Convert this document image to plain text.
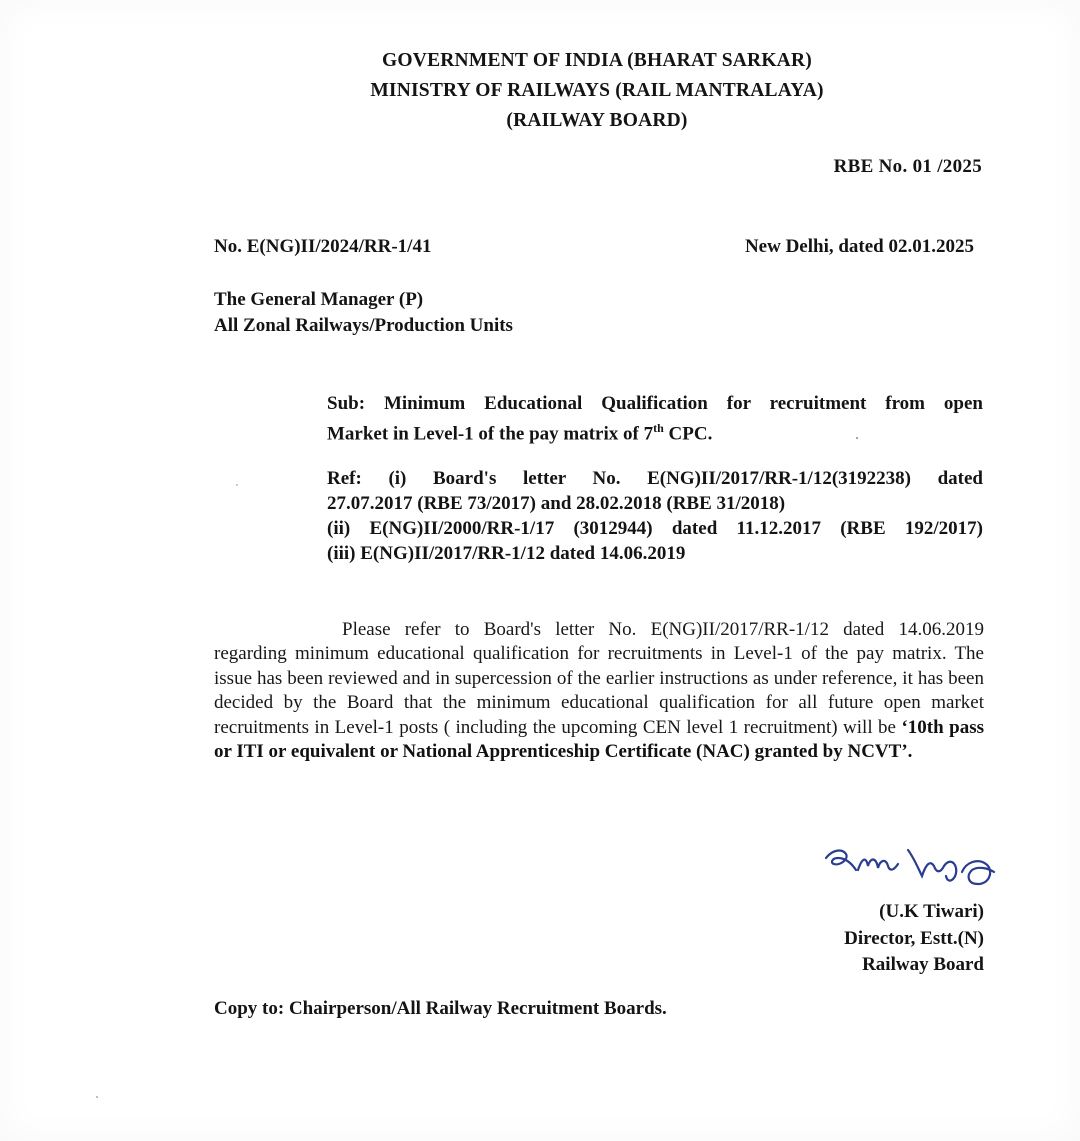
GOVERNMENT OF INDIA (BHARAT SARKAR)
MINISTRY OF RAILWAYS (RAIL MANTRALAYA)
(RAILWAY BOARD)
RBE No. 01 /2025
No. E(NG)II/2024/RR-1/41	New Delhi, dated 02.01.2025
The General Manager (P)
All Zonal Railways/Production Units
Sub: Minimum Educational Qualification for recruitment from open
Market in Level-1 of the pay matrix of 7th CPC.
Ref: (i) Board's letter No. E(NG)II/2017/RR-1/12(3192238) dated
27.07.2017 (RBE 73/2017) and 28.02.2018 (RBE 31/2018)
(ii) E(NG)II/2000/RR-1/17 (3012944) dated 11.12.2017 (RBE 192/2017)
(iii) E(NG)II/2017/RR-1/12 dated 14.06.2019
Please refer to Board's letter No. E(NG)II/2017/RR-1/12 dated 14.06.2019 regarding minimum educational qualification for recruitments in Level-1 of the pay matrix. The issue has been reviewed and in supercession of the earlier instructions as under reference, it has been decided by the Board that the minimum educational qualification for all future open market recruitments in Level-1 posts ( including the upcoming CEN level 1 recruitment) will be ‘10th pass or ITI or equivalent or National Apprenticeship Certificate (NAC) granted by NCVT’.
(U.K Tiwari)
Director, Estt.(N)
Railway Board
Copy to: Chairperson/All Railway Recruitment Boards.
